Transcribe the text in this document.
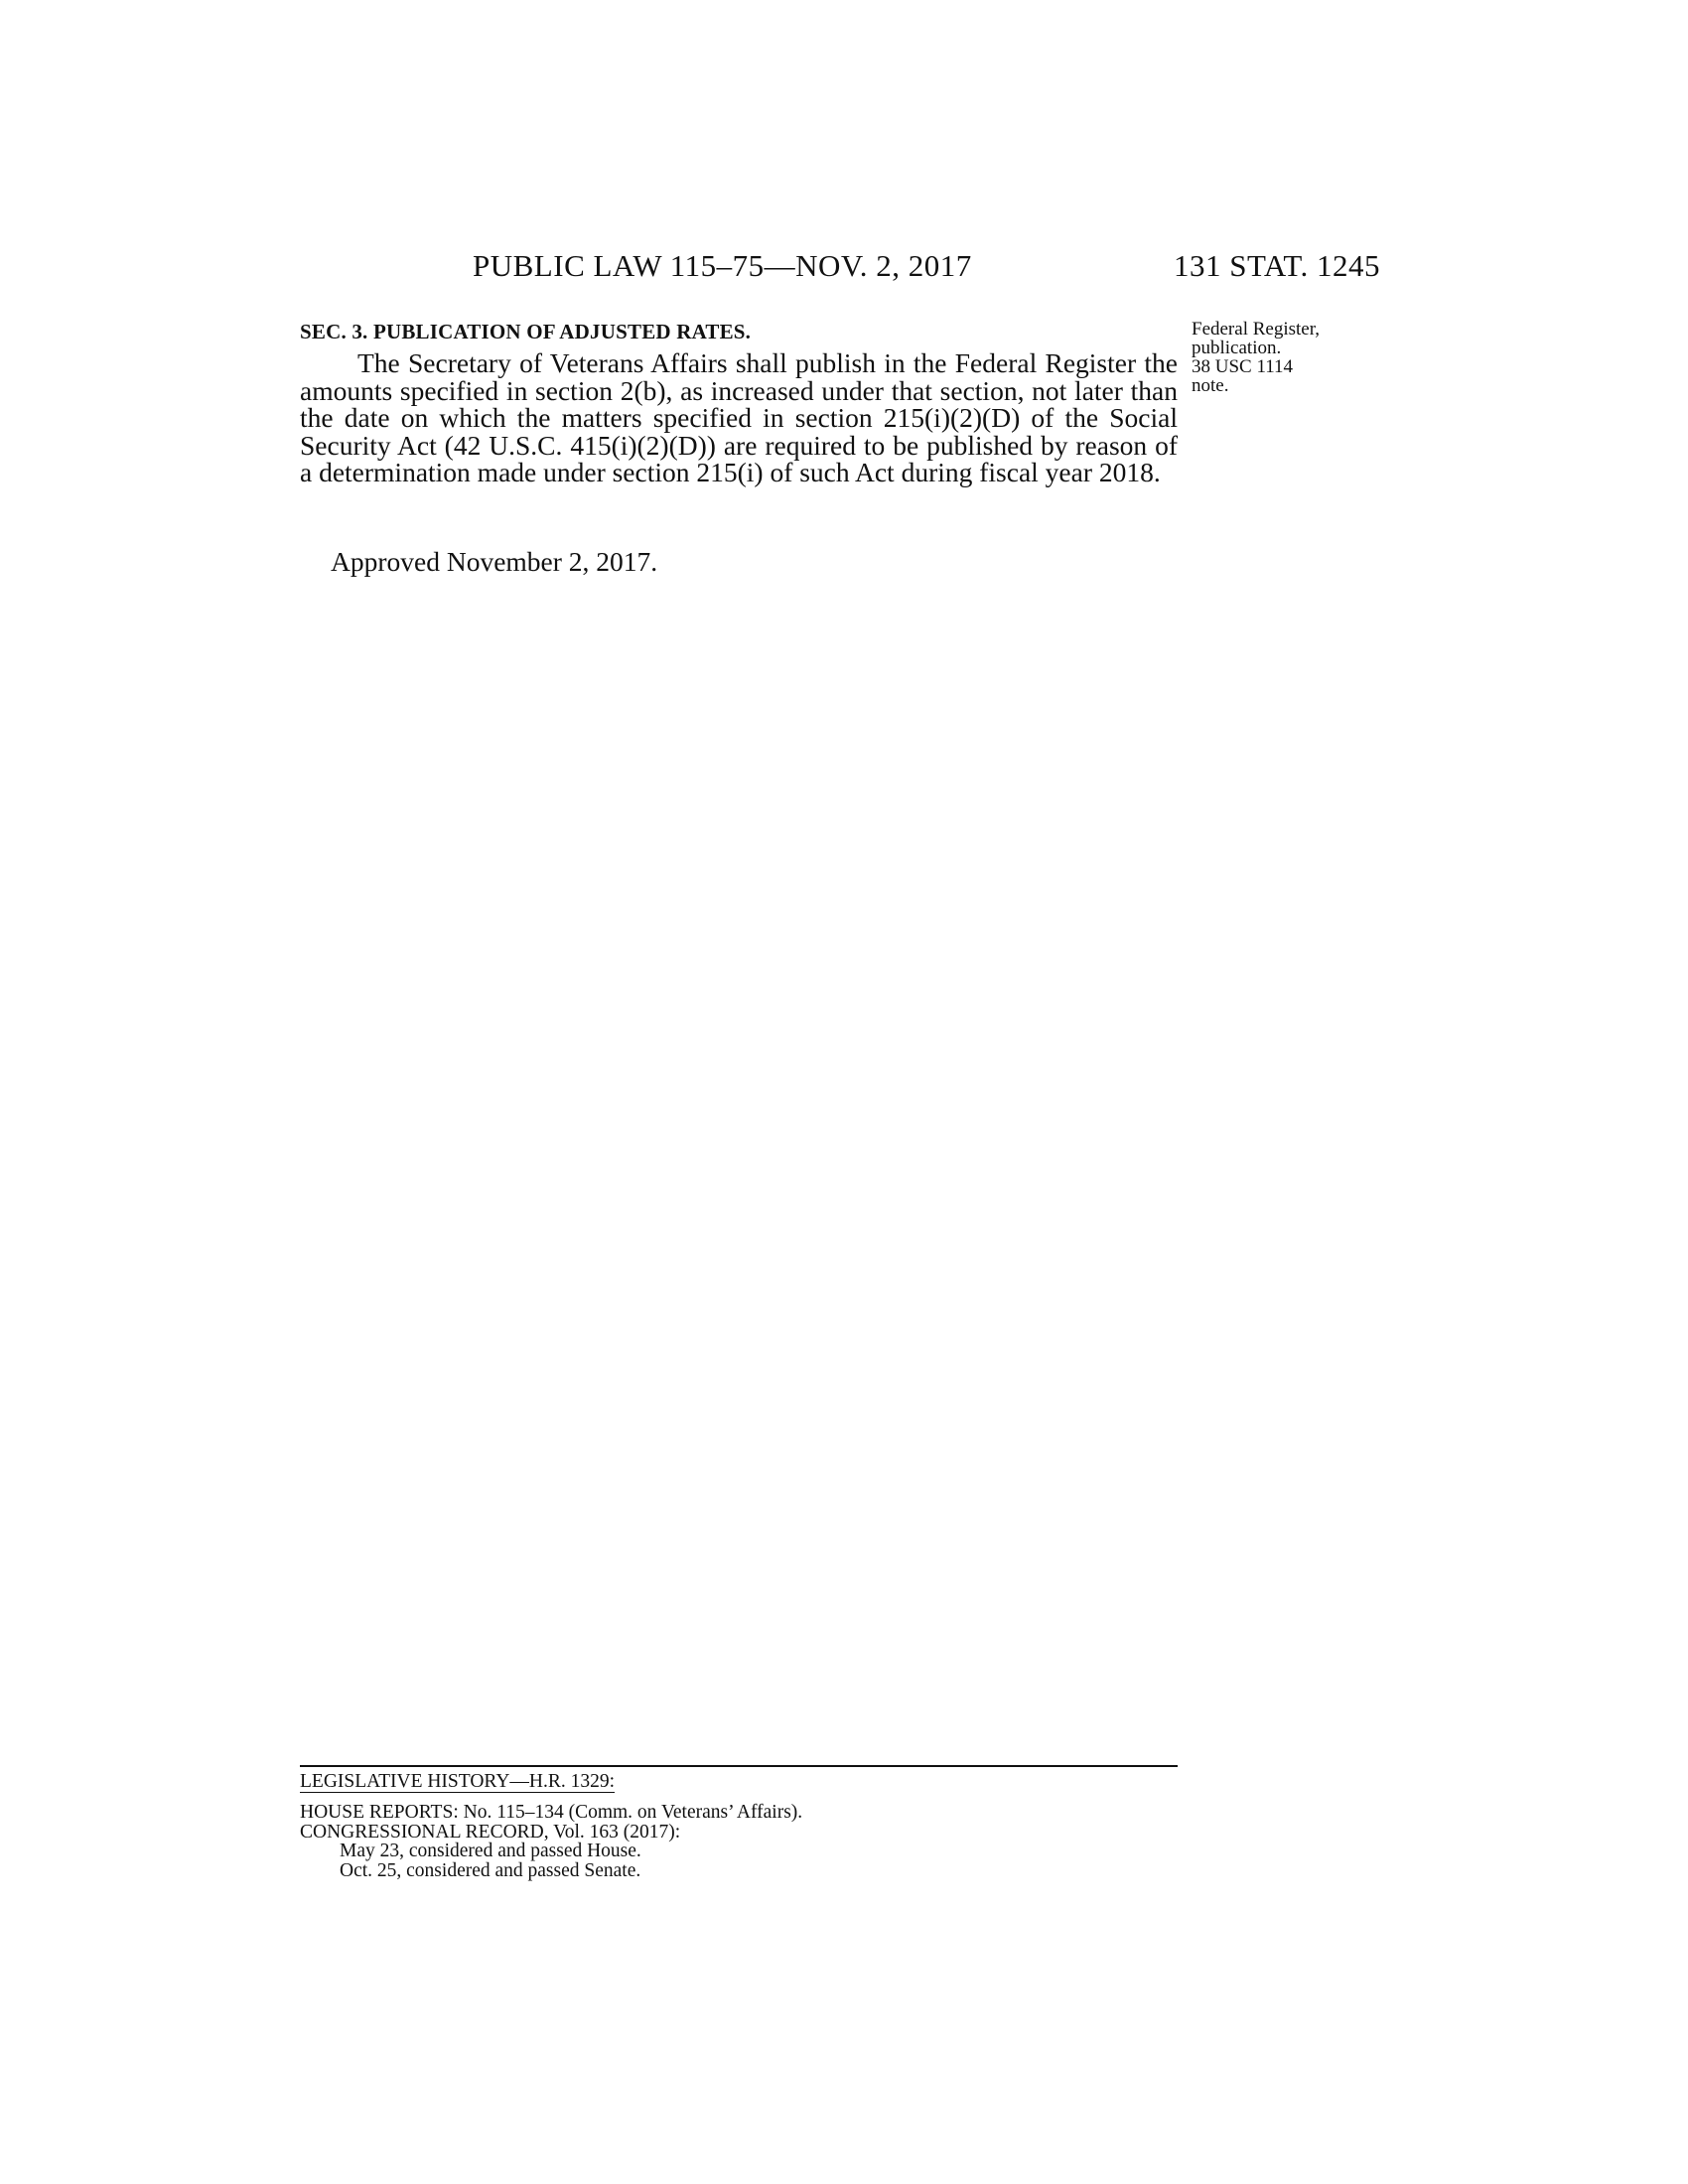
PUBLIC LAW 115–75—NOV. 2, 2017	131 STAT. 1245
SEC. 3. PUBLICATION OF ADJUSTED RATES.

The Secretary of Veterans Affairs shall publish in the Federal Register the amounts specified in section 2(b), as increased under that section, not later than the date on which the matters specified in section 215(i)(2)(D) of the Social Security Act (42 U.S.C. 415(i)(2)(D)) are required to be published by reason of a determination made under section 215(i) of such Act during fiscal year 2018.

Federal Register,
publication.
38 USC 1114
note.
Approved November 2, 2017.
LEGISLATIVE HISTORY—H.R. 1329:
HOUSE REPORTS: No. 115–134 (Comm. on Veterans’ Affairs).
CONGRESSIONAL RECORD, Vol. 163 (2017):
May 23, considered and passed House.
Oct. 25, considered and passed Senate.
